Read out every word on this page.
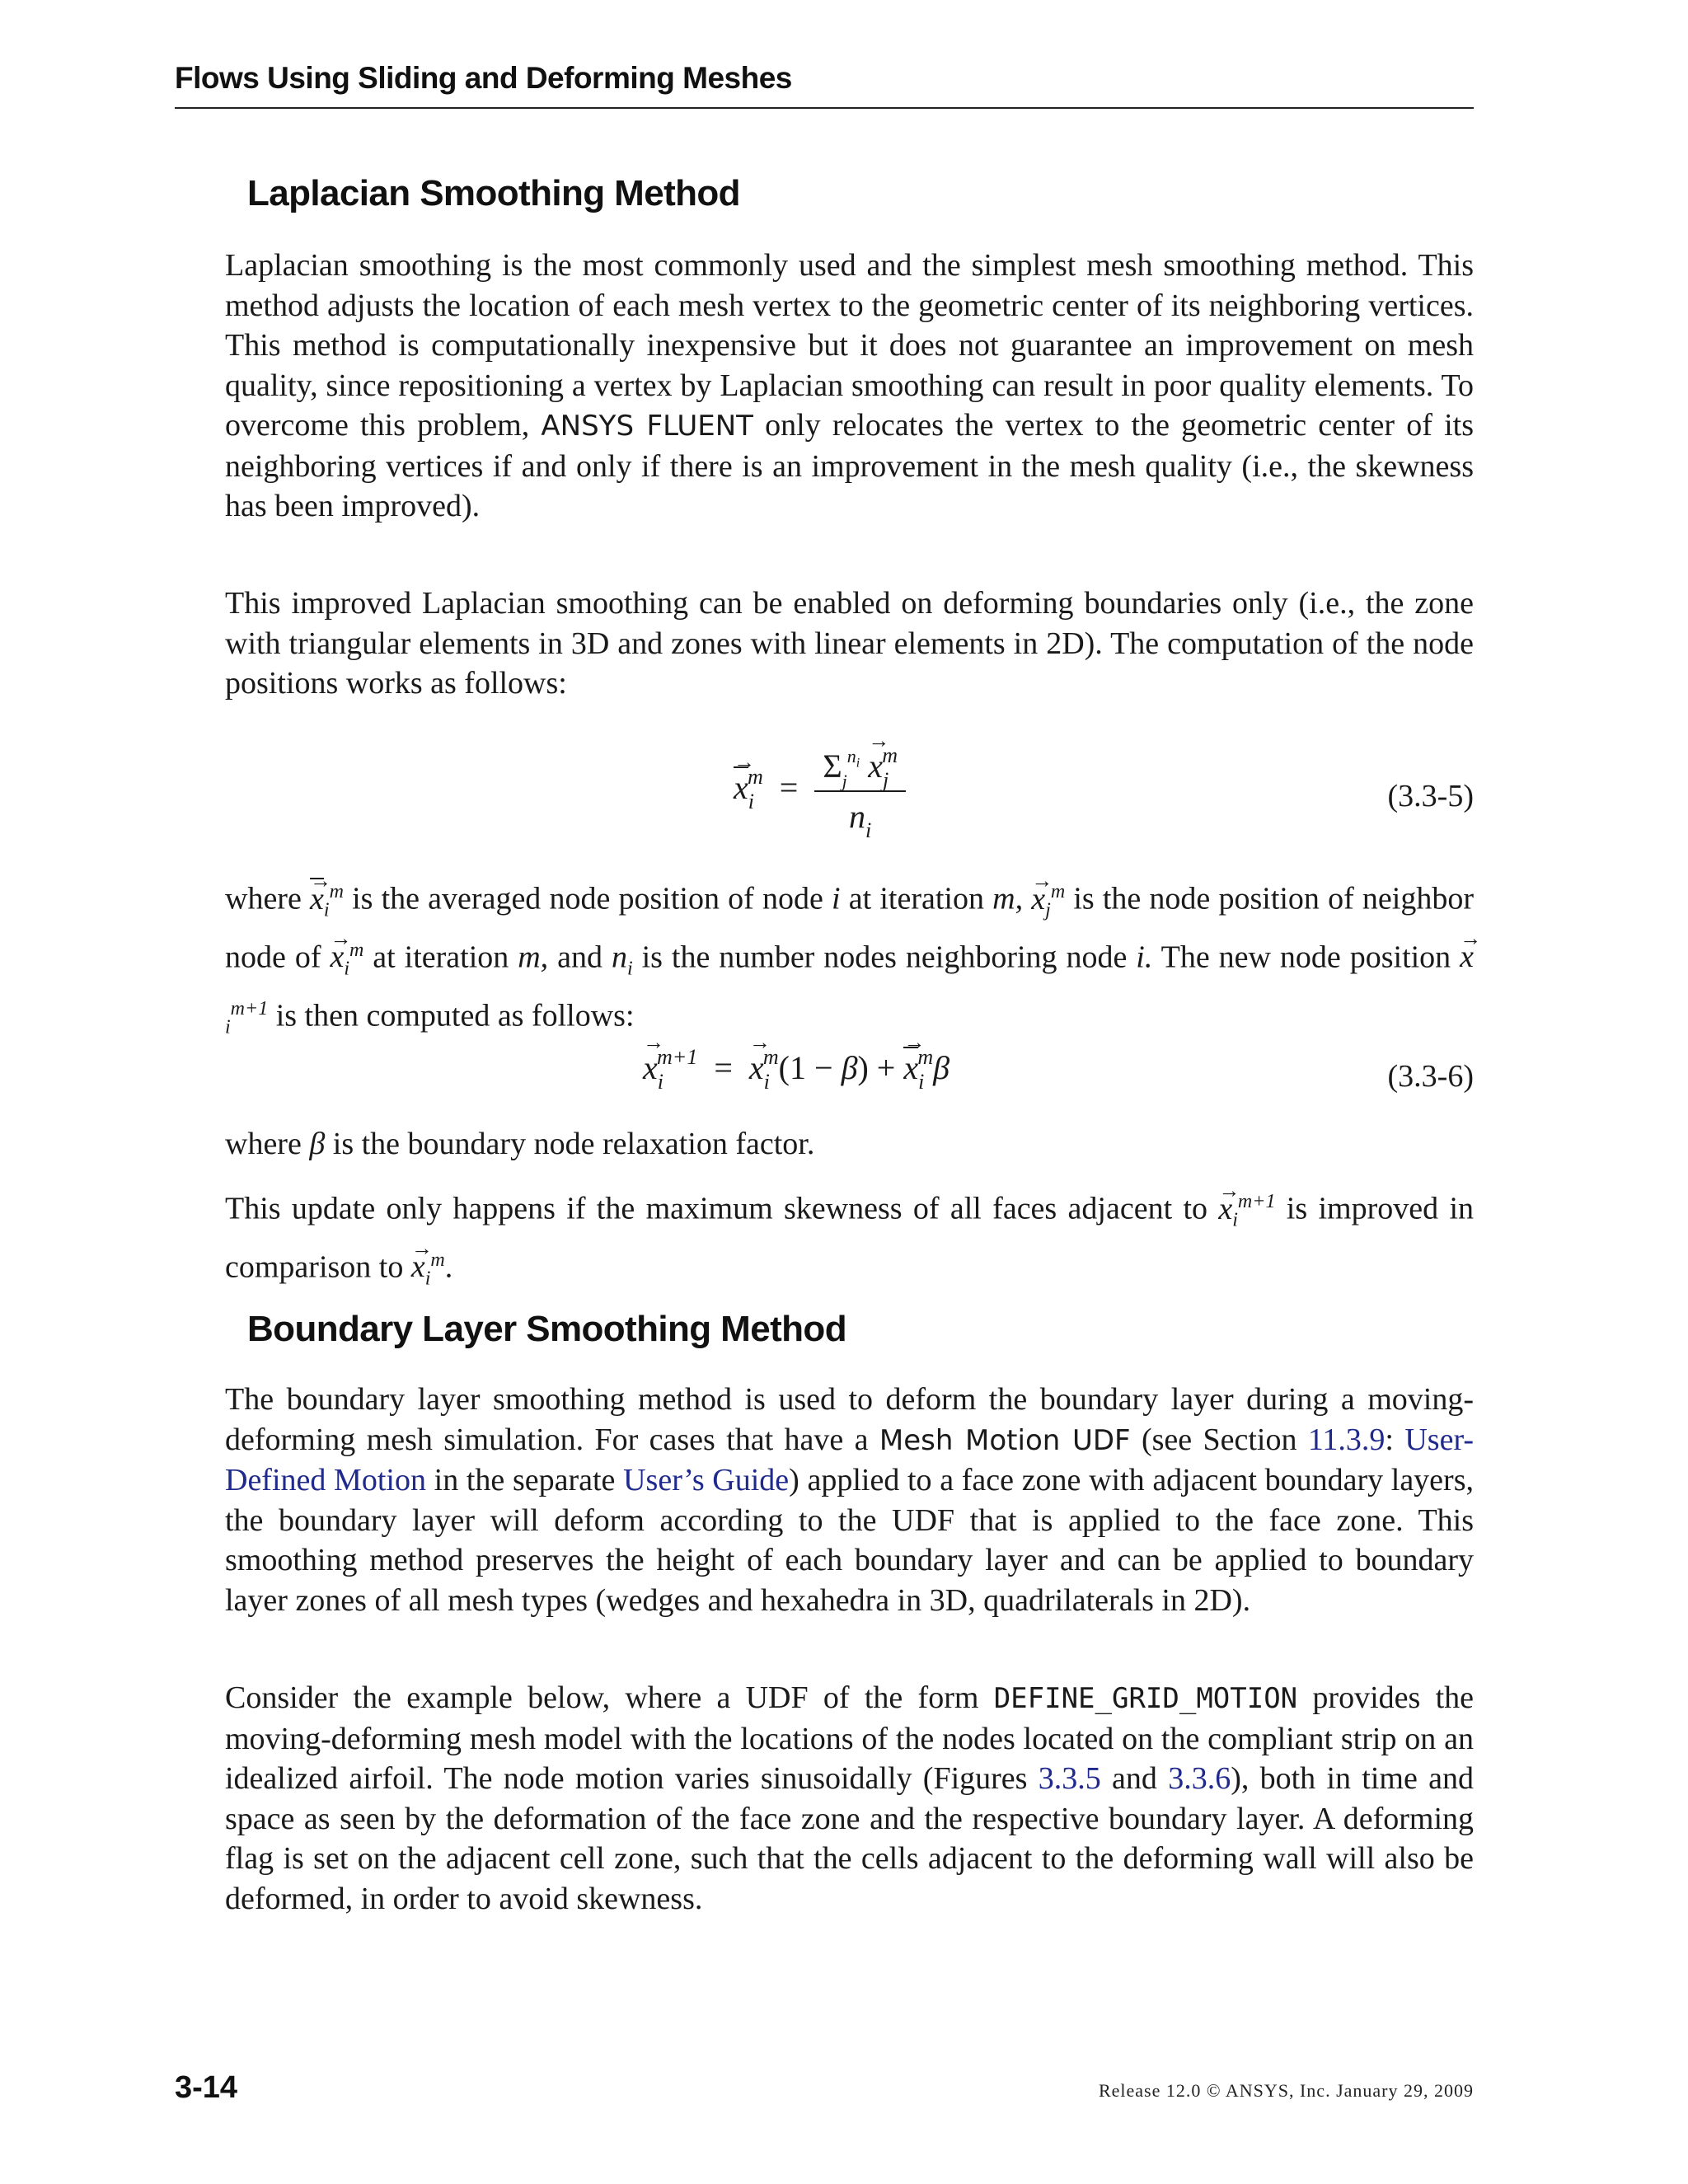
Flows Using Sliding and Deforming Meshes
Laplacian Smoothing Method
Laplacian smoothing is the most commonly used and the simplest mesh smoothing method. This method adjusts the location of each mesh vertex to the geometric center of its neighboring vertices. This method is computationally inexpensive but it does not guarantee an improvement on mesh quality, since repositioning a vertex by Laplacian smoothing can result in poor quality elements. To overcome this problem, ANSYS FLUENT only relocates the vertex to the geometric center of its neighboring vertices if and only if there is an improvement in the mesh quality (i.e., the skewness has been improved).
This improved Laplacian smoothing can be enabled on deforming boundaries only (i.e., the zone with triangular elements in 3D and zones with linear elements in 2D). The computation of the node positions works as follows:
→ $x_i^m = \frac{\Sigma_j^{n_i} \to x_j^m}{n_i}$	(3.3-5)
where → $x_i^m$ is the averaged node position of node i at iteration m, → $x_j^m$ is the node position of neighbor node of → $x_i^m$ at iteration m, and $n_i$ is the number nodes neighboring node i. The new node position → $x_i^{m+1}$ is then computed as follows:
→ $x_i^{m+1}$ = → $x_i^m(1 - \beta)$ + → $x_i^m\beta$	(3.3-6)
where β is the boundary node relaxation factor.
This update only happens if the maximum skewness of all faces adjacent to → $x_i^{m+1}$ is improved in comparison to → $x_i^m$.
Boundary Layer Smoothing Method
The boundary layer smoothing method is used to deform the boundary layer during a moving-deforming mesh simulation. For cases that have a Mesh Motion UDF (see Section 11.3.9: User-Defined Motion in the separate User’s Guide) applied to a face zone with adjacent boundary layers, the boundary layer will deform according to the UDF that is applied to the face zone. This smoothing method preserves the height of each boundary layer and can be applied to boundary layer zones of all mesh types (wedges and hexahedra in 3D, quadrilaterals in 2D).
Consider the example below, where a UDF of the form DEFINE_GRID_MOTION provides the moving-deforming mesh model with the locations of the nodes located on the compliant strip on an idealized airfoil. The node motion varies sinusoidally (Figures 3.3.5 and 3.3.6), both in time and space as seen by the deformation of the face zone and the respective boundary layer. A deforming flag is set on the adjacent cell zone, such that the cells adjacent to the deforming wall will also be deformed, in order to avoid skewness.
3-14	Release 12.0 © ANSYS, Inc. January 29, 2009
